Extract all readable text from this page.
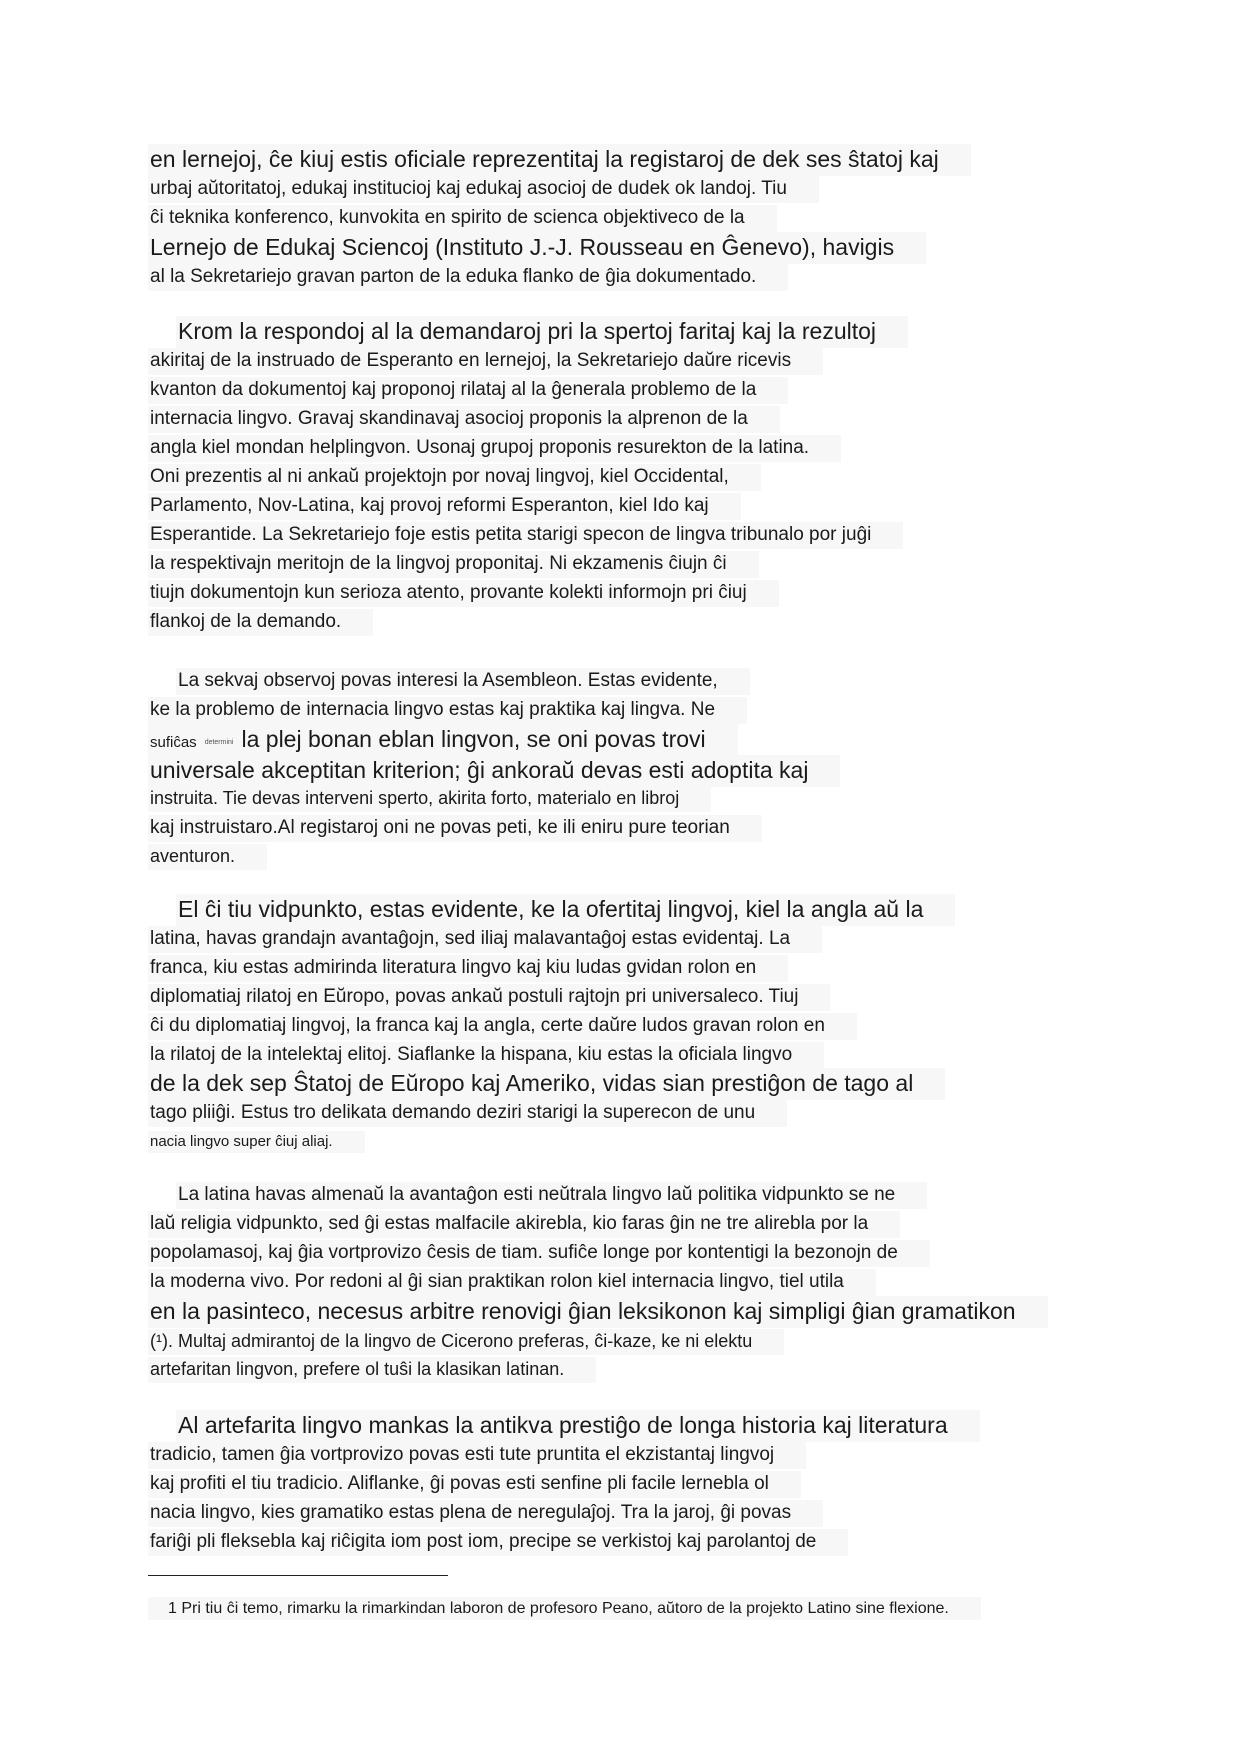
en lernejoj, ĉe kiuj estis oficiale reprezentitaj la registaroj de dek ses ŝtatoj kaj
urbaj aŭtoritatoj, edukaj institucioj kaj edukaj asocioj de dudek ok landoj. Tiu
ĉi teknika konferenco, kunvokita en spirito de scienca objektiveco de la
Lernejo de Edukaj Sciencoj (Instituto J.-J. Rousseau en Ĝenevo), havigis
al la Sekretariejo gravan parton de la eduka flanko de ĝia dokumentado.
Krom la respondoj al la demandaroj pri la spertoj faritaj kaj la rezultoj
akiritaj de la instruado de Esperanto en lernejoj, la Sekretariejo daŭre ricevis
kvanton da dokumentoj kaj proponoj rilataj al la ĝenerala problemo de la
internacia lingvo. Gravaj skandinavaj asocioj proponis la alprenon de la
angla kiel mondan helplingvon. Usonaj grupoj proponis resurekton de la latina.
Oni prezentis al ni ankaŭ projektojn por novaj lingvoj, kiel Occidental,
Parlamento, Nov-Latina, kaj provoj reformi Esperanton, kiel Ido kaj
Esperantide. La Sekretariejo foje estis petita starigi specon de lingva tribunalo por juĝi
la respektivajn meritojn de la lingvoj proponitaj. Ni ekzamenis ĉiujn ĉi
tiujn dokumentojn kun serioza atento, provante kolekti informojn pri ĉiuj
flankoj de la demando.
La sekvaj observoj povas interesi la Asembleon. Estas evidente,
ke la problemo de internacia lingvo estas kaj praktika kaj lingva. Ne
sufiĉas determini la plej bonan eblan lingvon, se oni povas trovi
universale akceptitan kriterion; ĝi ankoraŭ devas esti adoptita kaj
instruita. Tie devas interveni sperto, akirita forto, materialo en libroj
kaj instruistaro.Al registaroj oni ne povas peti, ke ili eniru pure teorian
aventuron.
El ĉi tiu vidpunkto, estas evidente, ke la ofertitaj lingvoj, kiel la angla aŭ la
latina, havas grandajn avantaĝojn, sed iliaj malavantaĝoj estas evidentaj. La
franca, kiu estas admirinda literatura lingvo kaj kiu ludas gvidan rolon en
diplomatiaj rilatoj en Eŭropo, povas ankaŭ postuli rajtojn pri universaleco. Tiuj
ĉi du diplomatiaj lingvoj, la franca kaj la angla, certe daŭre ludos gravan rolon en
la rilatoj de la intelektaj elitoj. Siaflanke la hispana, kiu estas la oficiala lingvo
de la dek sep Ŝtatoj de Eŭropo kaj Ameriko, vidas sian prestiĝon de tago al
tago pliiĝi. Estus tro delikata demando deziri starigi la superecon de unu
nacia lingvo super ĉiuj aliaj.
La latina havas almenaŭ la avantaĝon esti neŭtrala lingvo laŭ politika vidpunkto se ne
laŭ religia vidpunkto, sed ĝi estas malfacile akirebla, kio faras ĝin ne tre alirebla por la
popolamasoj, kaj ĝia vortprovizo ĉesis de tiam. sufiĉe longe por kontentigi la bezonojn de
la moderna vivo. Por redoni al ĝi sian praktikan rolon kiel internacia lingvo, tiel utila
en la pasinteco, necesus arbitre renovigi ĝian leksikonon kaj simpligi ĝian gramatikon
(¹). Multaj admirantoj de la lingvo de Cicerono preferas, ĉi-kaze, ke ni elektu
artefaritan lingvon, prefere ol tuŝi la klasikan latinan.
Al artefarita lingvo mankas la antikva prestiĝo de longa historia kaj literatura
tradicio, tamen ĝia vortprovizo povas esti tute pruntita el ekzistantaj lingvoj
kaj profiti el tiu tradicio. Aliflanke, ĝi povas esti senfine pli facile lernebla ol
nacia lingvo, kies gramatiko estas plena de neregulaĵoj. Tra la jaroj, ĝi povas
fariĝi pli fleksebla kaj riĉigita iom post iom, precipe se verkistoj kaj parolantoj de
1 Pri tiu ĉi temo, rimarku la rimarkindan laboron de profesoro Peano, aŭtoro de la projekto Latino sine flexione.
